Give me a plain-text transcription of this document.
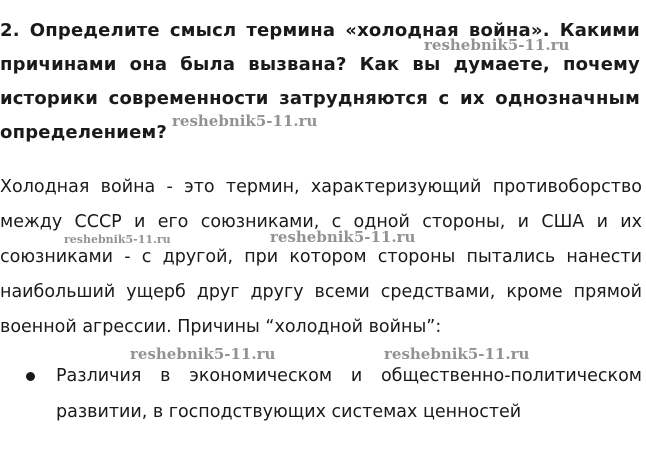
2. Определите смысл термина «холодная война». Какими причинами она была вызвана? Как вы думаете, почему историки современности затрудняются с их однозначным определением?
Холодная война - это термин, характеризующий противоборство между СССР и его союзниками, с одной стороны, и США и их союзниками - с другой, при котором стороны пытались нанести наибольший ущерб друг другу всеми средствами, кроме прямой военной агрессии. Причины “холодной войны”:
Различия в экономическом и общественно-политическом развитии, в господствующих системах ценностей
reshebnik5-11.ru
reshebnik5-11.ru
reshebnik5-11.ru	reshebnik5-11.ru
reshebnik5-11.ru	reshebnik5-11.ru
